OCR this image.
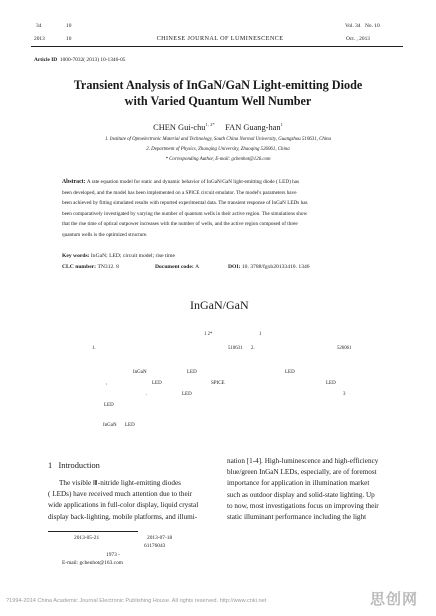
34	10
2013	10	CHINESE JOURNAL OF LUMINESCENCE
Vol. 34 No. 10
Oct. , 2013
Article ID 1000-7032( 2013) 10-1346-05
Transient Analysis of InGaN/GaN Light-emitting Diode
with Varied Quantum Well Number
CHEN Gui-chu$^{1, 2*}$ FAN Guang-han$^1$
1. Institute of Optoelectronic Material and Technology, South China Normal University, Guangzhou 510631, China
2. Department of Physics, Zhaoqing University, Zhaoqing 526061, China
* Corresponding Author, E-mail: gchenhot@126.com
Abstract: A rate equation model for static and dynamic behavior of InGaN/GaN light-emitting diode ( LED) has
been developed, and the model has been implemented on a SPICE circuit emulator. The model's parameters have
been achieved by fitting simulated results with reported experimental data. The transient response of InGaN LEDs has
been comparatively investigated by varying the number of quantum wells in their active region. The simulations show
that the rise time of optical outpower increases with the number of wells, and the active region composed of three
quantum wells is the optimized structure.
Key words: InGaN; LED; circuit model; rise time
CLC number: TN312. 8	Document code: A	DOI: 10. 3788/fgxb20133410. 1346
InGaN/GaN
1 2*	1
1.	510631 2.	526061
InGaN	LED	LED
,	LED	SPICE	LED
.	LED	3
LED
InGaN LED
1 Introduction
The visible Ⅲ-nitride light-emitting diodes
( LEDs) have received much attention due to their
wide applications in full-color display, liquid crystal
display back-lighting, mobile platforms, and illumi-
nation [1-4]. High-luminescence and high-efficiency
blue/green InGaN LEDs, especially, are of foremost
importance for application in illumination market
such as outdoor display and solid-state lighting. Up
to now, most investigations focus on improving their
static illuminant performance including the light
2013-05-21	2013-07-18
61176043
1973 -
E-mail: gchenhot@163.com
?1994-2014 China Academic Journal Electronic Publishing House. All rights reserved. http://www.cnki.net	思创网
